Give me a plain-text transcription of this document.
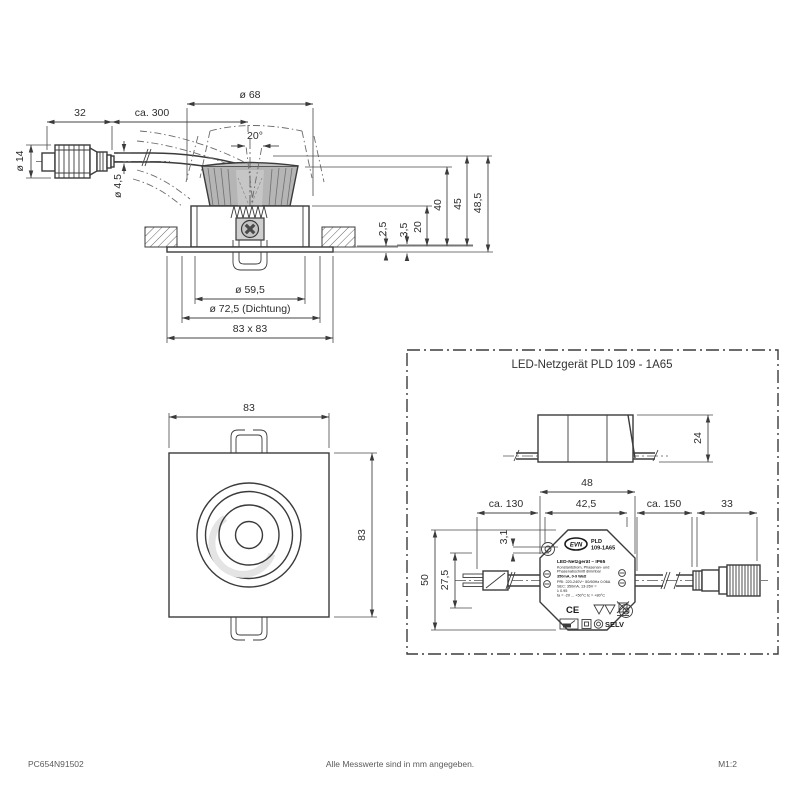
ø 68
32	ca. 300
20°
ø 14
ø 4,5
2,5 3,5 20
40 45 48,5
ø 59,5
ø 72,5 (Dichtung)
83 x 83
83
83
LED-Netzgerät PLD 109 - 1A65
24
EVN
PLD
109-1A65
LED-Netzgerät – IP65
Konstantstrom, Phasenan- und
Phasenabschnitt dimmbar
350mA, 0-9 Watt
PRI: 220-240V~ 50/60Hz 0.06A
SEC: 350mA, 13-26V =
λ 0.95
ta = -20 ... +50°C tc = +80°C
CE
SELV
48
42,5
ca. 130	ca. 150	33
3,1
50 27,5
PC654N91502	Alle Messwerte sind in mm angegeben.	M1:2
